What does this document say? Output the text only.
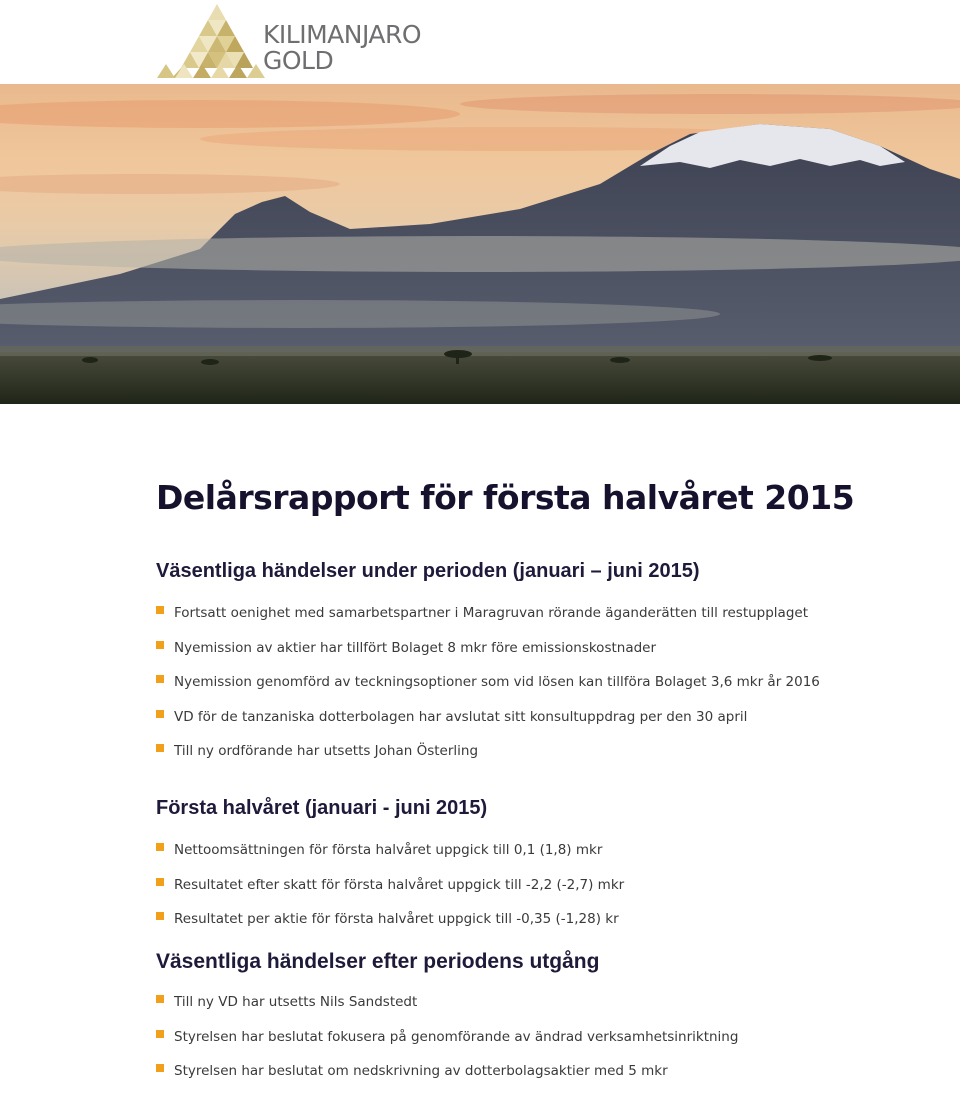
KILIMANJARO
GOLD
Delårsrapport för första halvåret 2015
Väsentliga händelser under perioden (januari – juni 2015)
Fortsatt oenighet med samarbetspartner i Maragruvan rörande äganderätten till restupplaget
Nyemission av aktier har tillfört Bolaget 8 mkr före emissionskostnader
Nyemission genomförd av teckningsoptioner som vid lösen kan tillföra Bolaget 3,6 mkr år 2016
VD för de tanzaniska dotterbolagen har avslutat sitt konsultuppdrag per den 30 april
Till ny ordförande har utsetts Johan Österling
Första halvåret (januari - juni 2015)
Nettoomsättningen för första halvåret uppgick till 0,1 (1,8) mkr
Resultatet efter skatt för första halvåret uppgick till -2,2 (-2,7) mkr
Resultatet per aktie för första halvåret uppgick till -0,35 (-1,28) kr
Väsentliga händelser efter periodens utgång
Till ny VD har utsetts Nils Sandstedt
Styrelsen har beslutat fokusera på genomförande av ändrad verksamhetsinriktning
Styrelsen har beslutat om nedskrivning av dotterbolagsaktier med 5 mkr
